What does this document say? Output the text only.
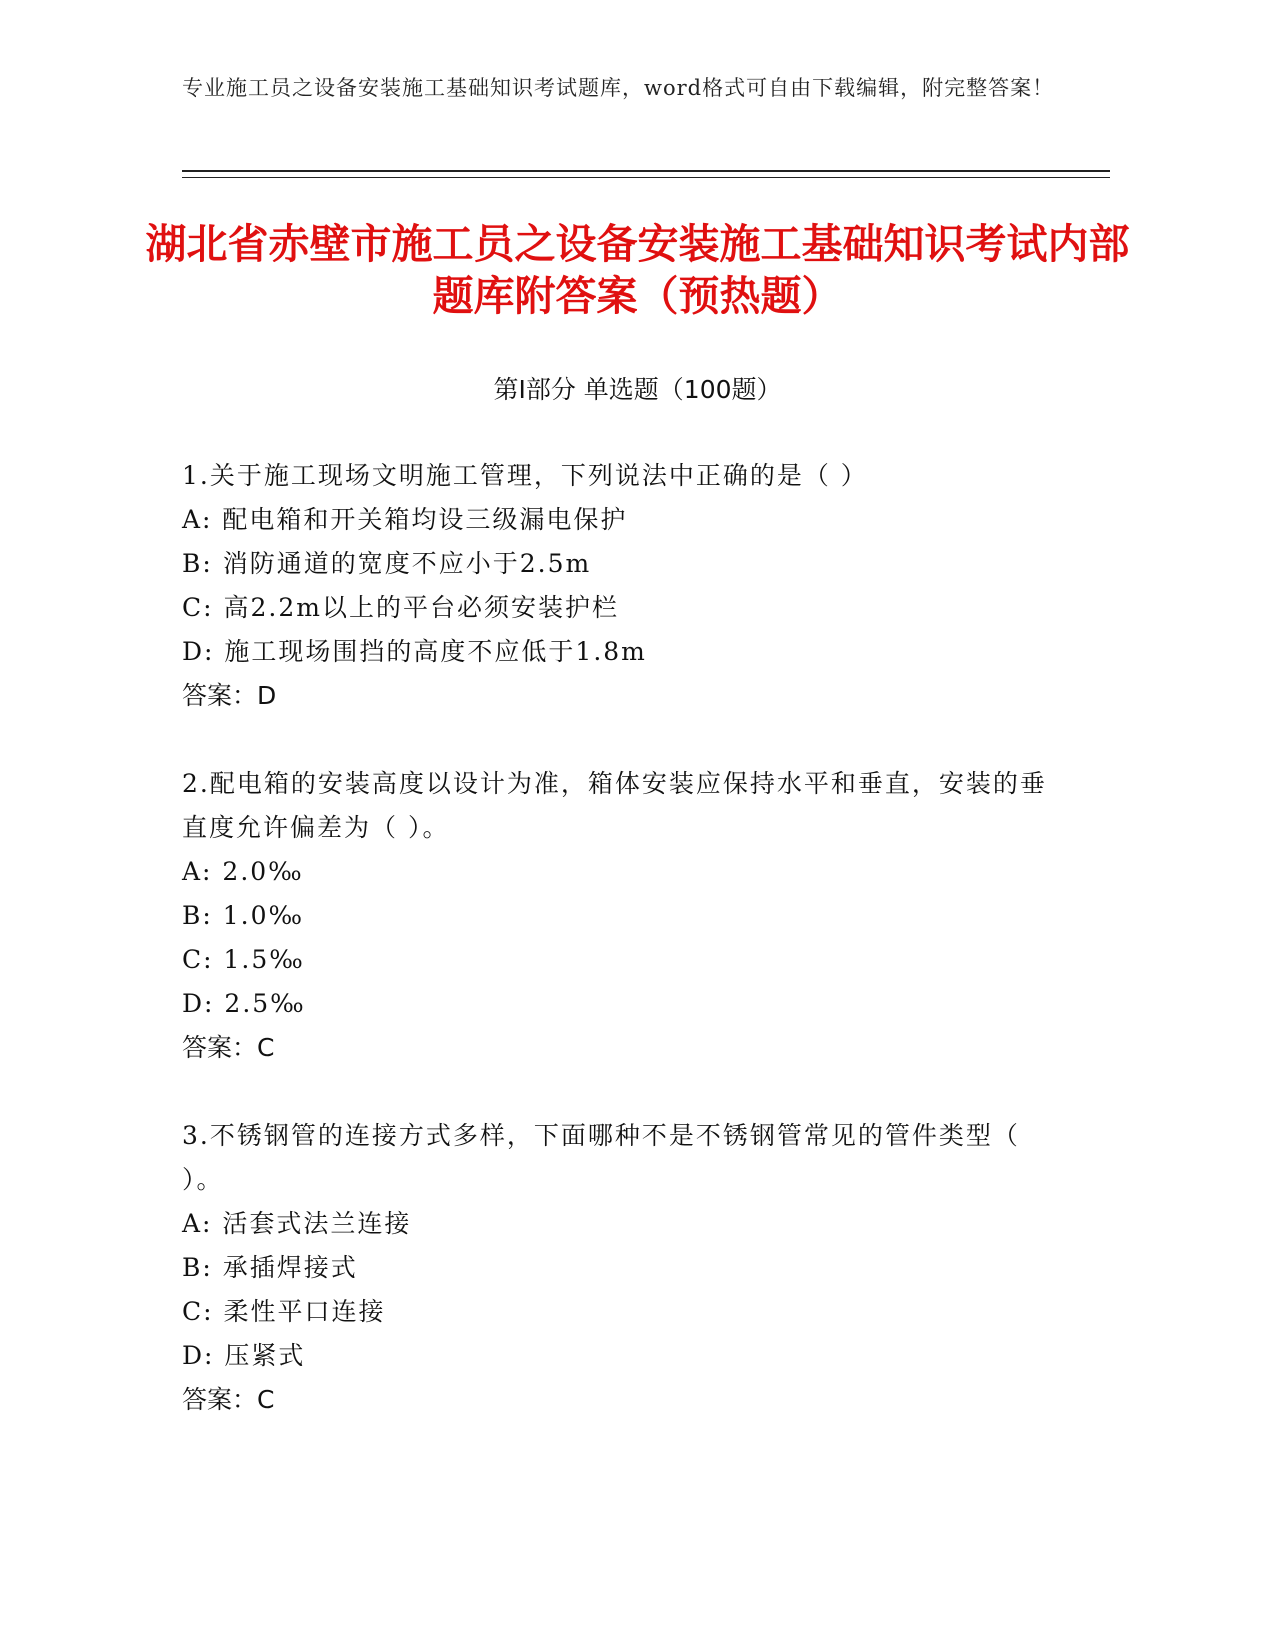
专业施工员之设备安装施工基础知识考试题库，word格式可自由下载编辑，附完整答案！
湖北省赤壁市施工员之设备安装施工基础知识考试内部题库附答案（预热题）
第Ⅰ部分 单选题（100题）
1.关于施工现场文明施工管理，下列说法中正确的是（ ）
A: 配电箱和开关箱均设三级漏电保护
B: 消防通道的宽度不应小于2.5m
C: 高2.2m以上的平台必须安装护栏
D: 施工现场围挡的高度不应低于1.8m
答案：D
2.配电箱的安装高度以设计为准，箱体安装应保持水平和垂直，安装的垂直度允许偏差为（ ）。
A: 2.0‰
B: 1.0‰
C: 1.5‰
D: 2.5‰
答案：C
3.不锈钢管的连接方式多样，下面哪种不是不锈钢管常见的管件类型（ ）。
A: 活套式法兰连接
B: 承插焊接式
C: 柔性平口连接
D: 压紧式
答案：C
